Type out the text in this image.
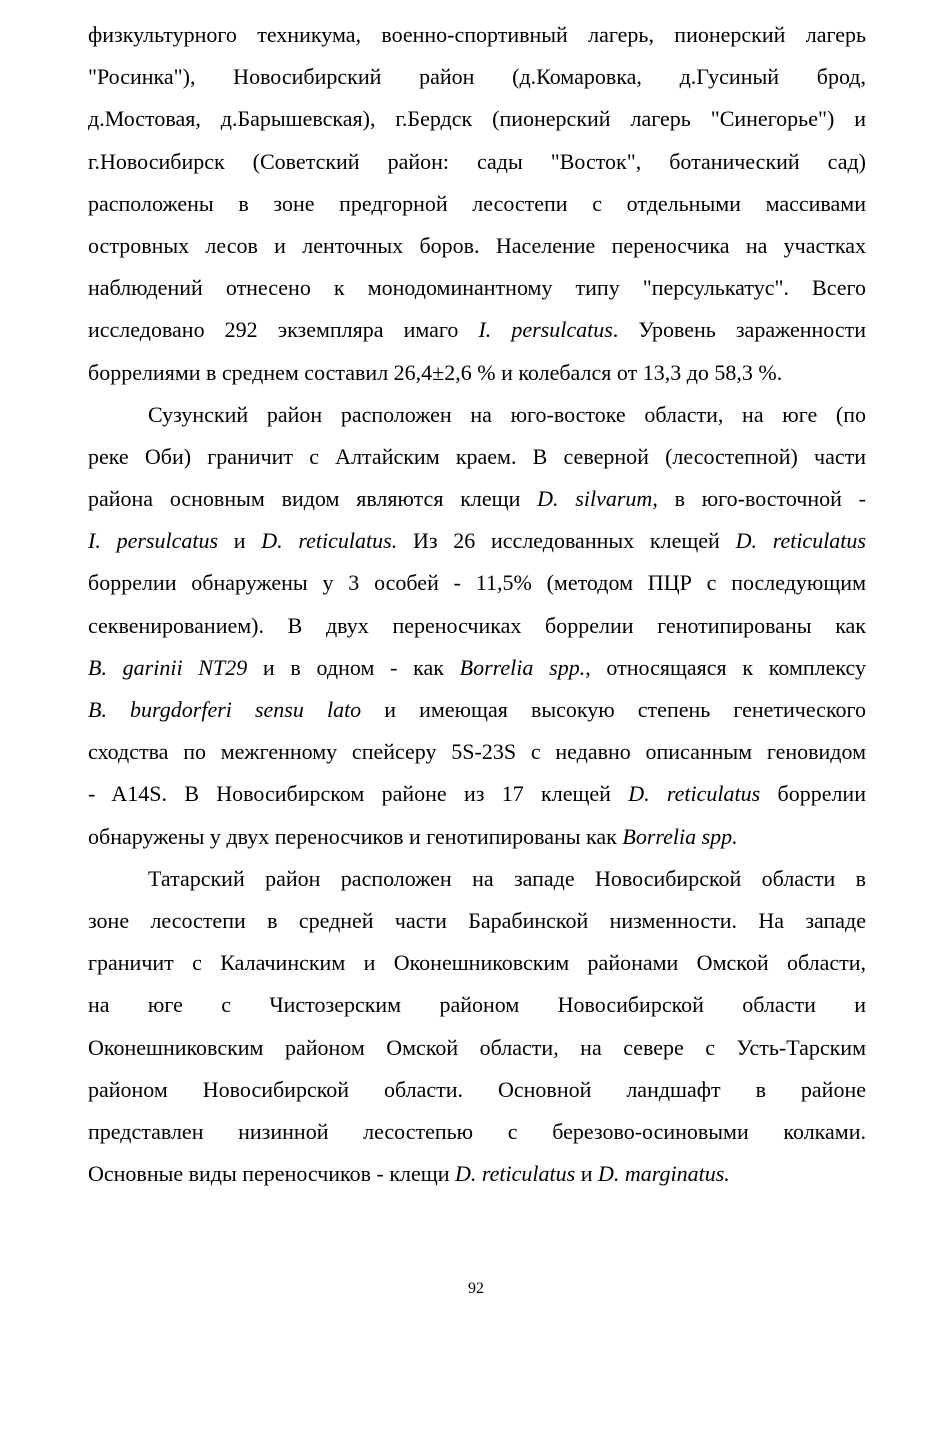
физкультурного техникума, военно-спортивный лагерь, пионерский лагерь
"Росинка"), Новосибирский район (д.Комаровка, д.Гусиный брод,
д.Мостовая, д.Барышевская), г.Бердск (пионерский лагерь "Синегорье") и
г.Новосибирск (Советский район: сады "Восток", ботанический сад)
расположены в зоне предгорной лесостепи с отдельными массивами
островных лесов и ленточных боров. Население переносчика на участках
наблюдений отнесено к монодоминантному типу "персулькатус". Всего
исследовано 292 экземпляра имаго I. persulcatus. Уровень зараженности
боррелиями в среднем составил 26,4±2,6 % и колебался от 13,3 до 58,3 %.
Сузунский район расположен на юго-востоке области, на юге (по
реке Оби) граничит с Алтайским краем. В северной (лесостепной) части
района основным видом являются клещи D. silvarum, в юго-восточной -
I. persulcatus и D. reticulatus. Из 26 исследованных клещей D. reticulatus
боррелии обнаружены у 3 особей - 11,5% (методом ПЦР с последующим
секвенированием). В двух переносчиках боррелии генотипированы как
B. garinii NT29 и в одном - как Borrelia spp., относящаяся к комплексу
B. burgdorferi sensu lato и имеющая высокую степень генетического
сходства по межгенному спейсеру 5S-23S с недавно описанным геновидом
- A14S. В Новосибирском районе из 17 клещей D. reticulatus боррелии
обнаружены у двух переносчиков и генотипированы как Borrelia spp.
Татарский район расположен на западе Новосибирской области в
зоне лесостепи в средней части Барабинской низменности. На западе
граничит с Калачинским и Оконешниковским районами Омской области,
на юге с Чистозерским районом Новосибирской области и
Оконешниковским районом Омской области, на севере с Усть-Тарским
районом Новосибирской области. Основной ландшафт в районе
представлен низинной лесостепью с березово-осиновыми колками.
Основные виды переносчиков - клещи D. reticulatus и D. marginatus.
92
